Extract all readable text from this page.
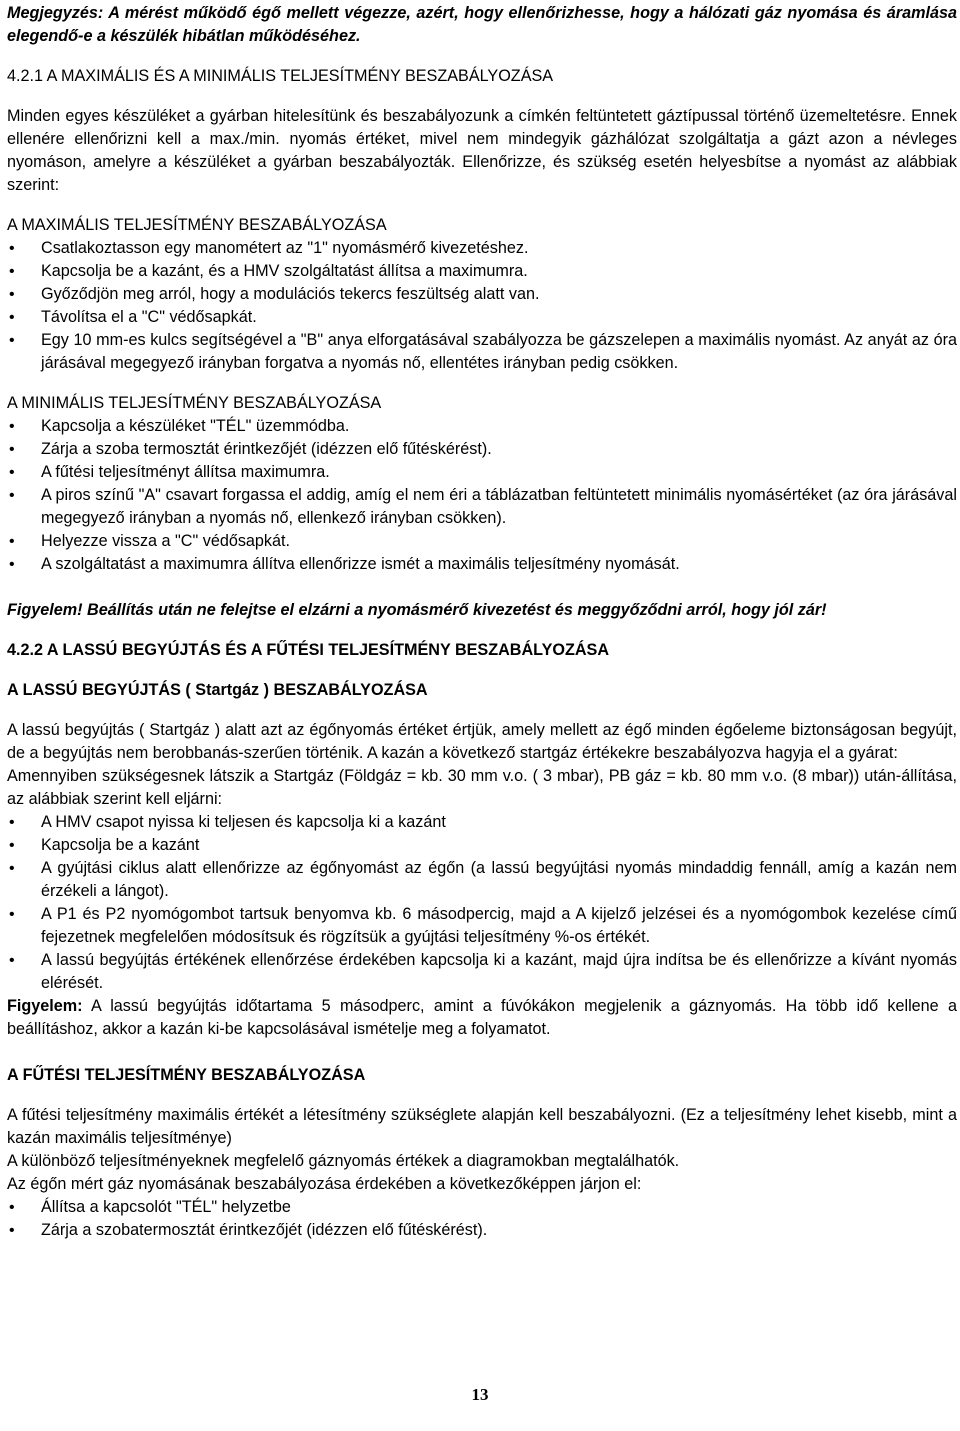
Megjegyzés: A mérést működő égő mellett végezze, azért, hogy ellenőrizhesse, hogy a hálózati gáz nyomása és áramlása elegendő-e a készülék hibátlan működéséhez.

4.2.1 A MAXIMÁLIS ÉS A MINIMÁLIS TELJESÍTMÉNY BESZABÁLYOZÁSA

Minden egyes készüléket a gyárban hitelesítünk és beszabályozunk a címkén feltüntetett gáztípussal történő üzemeltetésre. Ennek ellenére ellenőrizni kell a max./min. nyomás értéket, mivel nem mindegyik gázhálózat szolgáltatja a gázt azon a névleges nyomáson, amelyre a készüléket a gyárban beszabályozták. Ellenőrizze, és szükség esetén helyesbítse a nyomást az alábbiak szerint:

A MAXIMÁLIS TELJESÍTMÉNY BESZABÁLYOZÁSA

• Csatlakoztasson egy manométert az "1" nyomásmérő kivezetéshez.
• Kapcsolja be a kazánt, és a HMV szolgáltatást állítsa a maximumra.
• Győződjön meg arról, hogy a modulációs tekercs feszültség alatt van.
• Távolítsa el a "C" védősapkát.
• Egy 10 mm-es kulcs segítségével a "B" anya elforgatásával szabályozza be gázszelepen a maximális nyomást. Az anyát az óra járásával megegyező irányban forgatva a nyomás nő, ellentétes irányban pedig csökken.

A MINIMÁLIS TELJESÍTMÉNY BESZABÁLYOZÁSA

• Kapcsolja a készüléket "TÉL" üzemmódba.
• Zárja a szoba termosztát érintkezőjét (idézzen elő fűtéskérést).
• A fűtési teljesítményt állítsa maximumra.
• A piros színű "A" csavart forgassa el addig, amíg el nem éri a táblázatban feltüntetett minimális nyomásértéket (az óra járásával megegyező irányban a nyomás nő, ellenkező irányban csökken).
• Helyezze vissza a "C" védősapkát.
• A szolgáltatást a maximumra állítva ellenőrizze ismét a maximális teljesítmény nyomását.

Figyelem! Beállítás után ne felejtse el elzárni a nyomásmérő kivezetést és meggyőződni arról, hogy jól zár!

4.2.2 A LASSÚ BEGYÚJTÁS ÉS A FŰTÉSI TELJESÍTMÉNY BESZABÁLYOZÁSA

A LASSÚ BEGYÚJTÁS ( Startgáz ) BESZABÁLYOZÁSA

A lassú begyújtás ( Startgáz ) alatt azt az égőnyomás értéket értjük, amely mellett az égő minden égőeleme biztonságosan begyújt, de a begyújtás nem berobbanás-szerűen történik. A kazán a következő startgáz értékekre beszabályozva hagyja el a gyárat:

Amennyiben szükségesnek látszik a Startgáz (Földgáz = kb. 30 mm v.o. ( 3 mbar), PB gáz = kb. 80 mm v.o. (8 mbar)) után-állítása, az alábbiak szerint kell eljárni:

• A HMV csapot nyissa ki teljesen és kapcsolja ki a kazánt
• Kapcsolja be a kazánt
• A gyújtási ciklus alatt ellenőrizze az égőnyomást az égőn (a lassú begyújtási nyomás mindaddig fennáll, amíg a kazán nem érzékeli a lángot).
• A P1 és P2 nyomógombot tartsuk benyomva kb. 6 másodpercig, majd a A kijelző jelzései és a nyomógombok kezelése című fejezetnek megfelelően módosítsuk és rögzítsük a gyújtási teljesítmény %-os értékét.
• A lassú begyújtás értékének ellenőrzése érdekében kapcsolja ki a kazánt, majd újra indítsa be és ellenőrizze a kívánt nyomás elérését.

Figyelem: A lassú begyújtás időtartama 5 másodperc, amint a fúvókákon megjelenik a gáznyomás. Ha több idő kellene a beállításhoz, akkor a kazán ki-be kapcsolásával ismételje meg a folyamatot.

A FŰTÉSI TELJESÍTMÉNY BESZABÁLYOZÁSA

A fűtési teljesítmény maximális értékét a létesítmény szükséglete alapján kell beszabályozni. (Ez a teljesítmény lehet kisebb, mint a kazán maximális teljesítménye)

A különböző teljesítményeknek megfelelő gáznyomás értékek a diagramokban megtalálhatók.

Az égőn mért gáz nyomásának beszabályozása érdekében a következőképpen járjon el:

• Állítsa a kapcsolót "TÉL" helyzetbe
• Zárja a szobatermosztát érintkezőjét (idézzen elő fűtéskérést).
13
